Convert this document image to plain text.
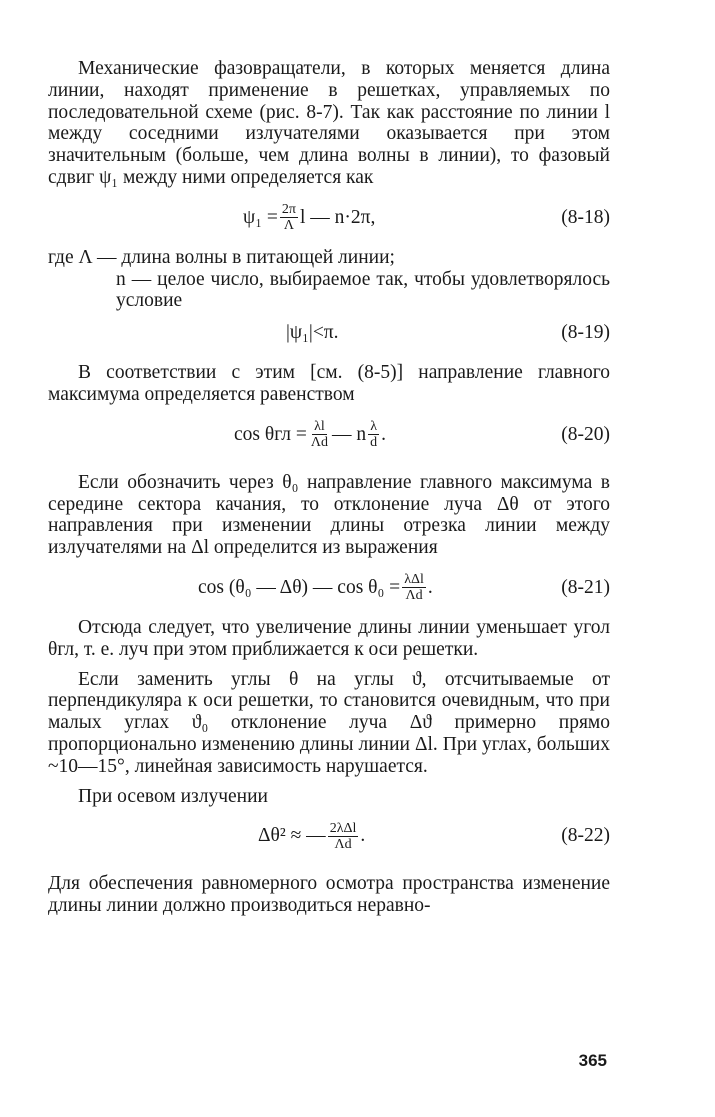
Механические фазовращатели, в которых меняется длина линии, находят применение в решетках, управляемых по последовательной схеме (рис. 8-7). Так как расстояние по линии l между соседними излучателями оказывается при этом значительным (больше, чем длина волны в линии), то фазовый сдвиг ψ₁ между ними определяется как

$\psi_1 = \frac{2\pi}{\Lambda}$ l — n·2π,	(8-18)
где Λ — длина волны в питающей линии;
n — целое число, выбираемое так, чтобы удовлетворялось условие
|ψ₁|<π.	(8-19)

В соответствии с этим [см. (8-5)] направление главного максимума определяется равенством

$\cos \theta гл = \frac{\lambda l}{\Lambda d}$ — n $\frac{\lambda}{d}$ .	(8-20)

Если обозначить через θ₀ направление главного максимума в середине сектора качания, то отклонение луча Δθ от этого направления при изменении длины отрезка линии между излучателями на Δl определится из выражения

cos (θ₀ — Δθ) — $\cos \theta_0 = \frac{\text{λΔl}}{\Lambda d}$ .	(8-21)

Отсюда следует, что увеличение длины линии уменьшает угол θгл, т. е. луч при этом приближается к оси решетки.

Если заменить углы θ на углы ϑ, отсчитываемые от перпендикуляра к оси решетки, то становится очевидным, что при малых углах ϑ₀ отклонение луча Δϑ примерно прямо пропорционально изменению длины линии Δl. При углах, больших ~10—15°, линейная зависимость нарушается.

При осевом излучении

Δθ² ≈ — $\frac{\text{2λΔl}}{\Lambda d}$ .	(8-22)

Для обеспечения равномерного осмотра пространства изменение длины линии должно производиться неравно-

365
